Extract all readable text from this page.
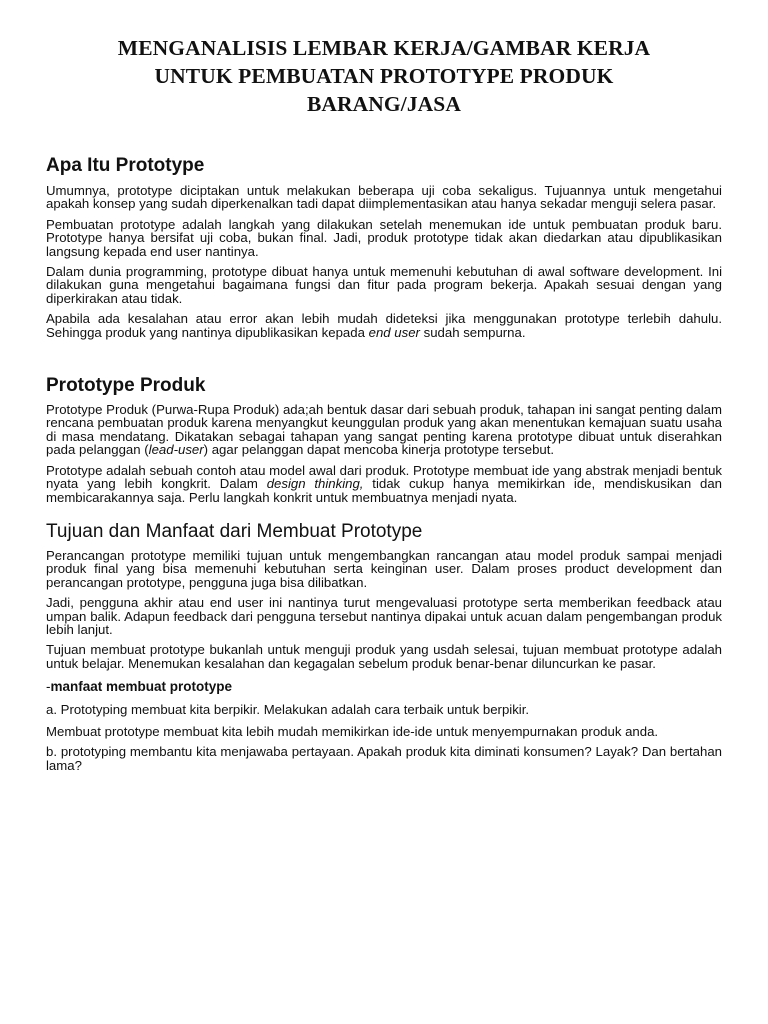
MENGANALISIS LEMBAR KERJA/GAMBAR KERJA
UNTUK PEMBUATAN PROTOTYPE PRODUK
BARANG/JASA
Apa Itu Prototype

Umumnya, prototype diciptakan untuk melakukan beberapa uji coba sekaligus. Tujuannya untuk mengetahui apakah konsep yang sudah diperkenalkan tadi dapat diimplementasikan atau hanya sekadar menguji selera pasar.

Pembuatan prototype adalah langkah yang dilakukan setelah menemukan ide untuk pembuatan produk baru. Prototype hanya bersifat uji coba, bukan final. Jadi, produk prototype tidak akan diedarkan atau dipublikasikan langsung kepada end user nantinya.

Dalam dunia programming, prototype dibuat hanya untuk memenuhi kebutuhan di awal software development. Ini dilakukan guna mengetahui bagaimana fungsi dan fitur pada program bekerja. Apakah sesuai dengan yang diperkirakan atau tidak.

Apabila ada kesalahan atau error akan lebih mudah dideteksi jika menggunakan prototype terlebih dahulu. Sehingga produk yang nantinya dipublikasikan kepada end user sudah sempurna.

Prototype Produk

Prototype Produk (Purwa-Rupa Produk) ada;ah bentuk dasar dari sebuah produk, tahapan ini sangat penting dalam rencana pembuatan produk karena menyangkut keunggulan produk yang akan menentukan kemajuan suatu usaha di masa mendatang. Dikatakan sebagai tahapan yang sangat penting karena prototype dibuat untuk diserahkan pada pelanggan (lead-user) agar pelanggan dapat mencoba kinerja prototype tersebut.

Prototype adalah sebuah contoh atau model awal dari produk. Prototype membuat ide yang abstrak menjadi bentuk nyata yang lebih kongkrit. Dalam design thinking, tidak cukup hanya memikirkan ide, mendiskusikan dan membicarakannya saja. Perlu langkah konkrit untuk membuatnya menjadi nyata.

Tujuan dan Manfaat dari Membuat Prototype

Perancangan prototype memiliki tujuan untuk mengembangkan rancangan atau model produk sampai menjadi produk final yang bisa memenuhi kebutuhan serta keinginan user. Dalam proses product development dan perancangan prototype, pengguna juga bisa dilibatkan.

Jadi, pengguna akhir atau end user ini nantinya turut mengevaluasi prototype serta memberikan feedback atau umpan balik. Adapun feedback dari pengguna tersebut nantinya dipakai untuk acuan dalam pengembangan produk lebih lanjut.

Tujuan membuat prototype bukanlah untuk menguji produk yang usdah selesai, tujuan membuat prototype adalah untuk belajar. Menemukan kesalahan dan kegagalan sebelum produk benar-benar diluncurkan ke pasar.

-manfaat membuat prototype

a. Prototyping membuat kita berpikir. Melakukan adalah cara terbaik untuk berpikir.

Membuat prototype membuat kita lebih mudah memikirkan ide-ide untuk menyempurnakan produk anda.

b. prototyping membantu kita menjawaba pertayaan. Apakah produk kita diminati konsumen? Layak? Dan bertahan lama?
